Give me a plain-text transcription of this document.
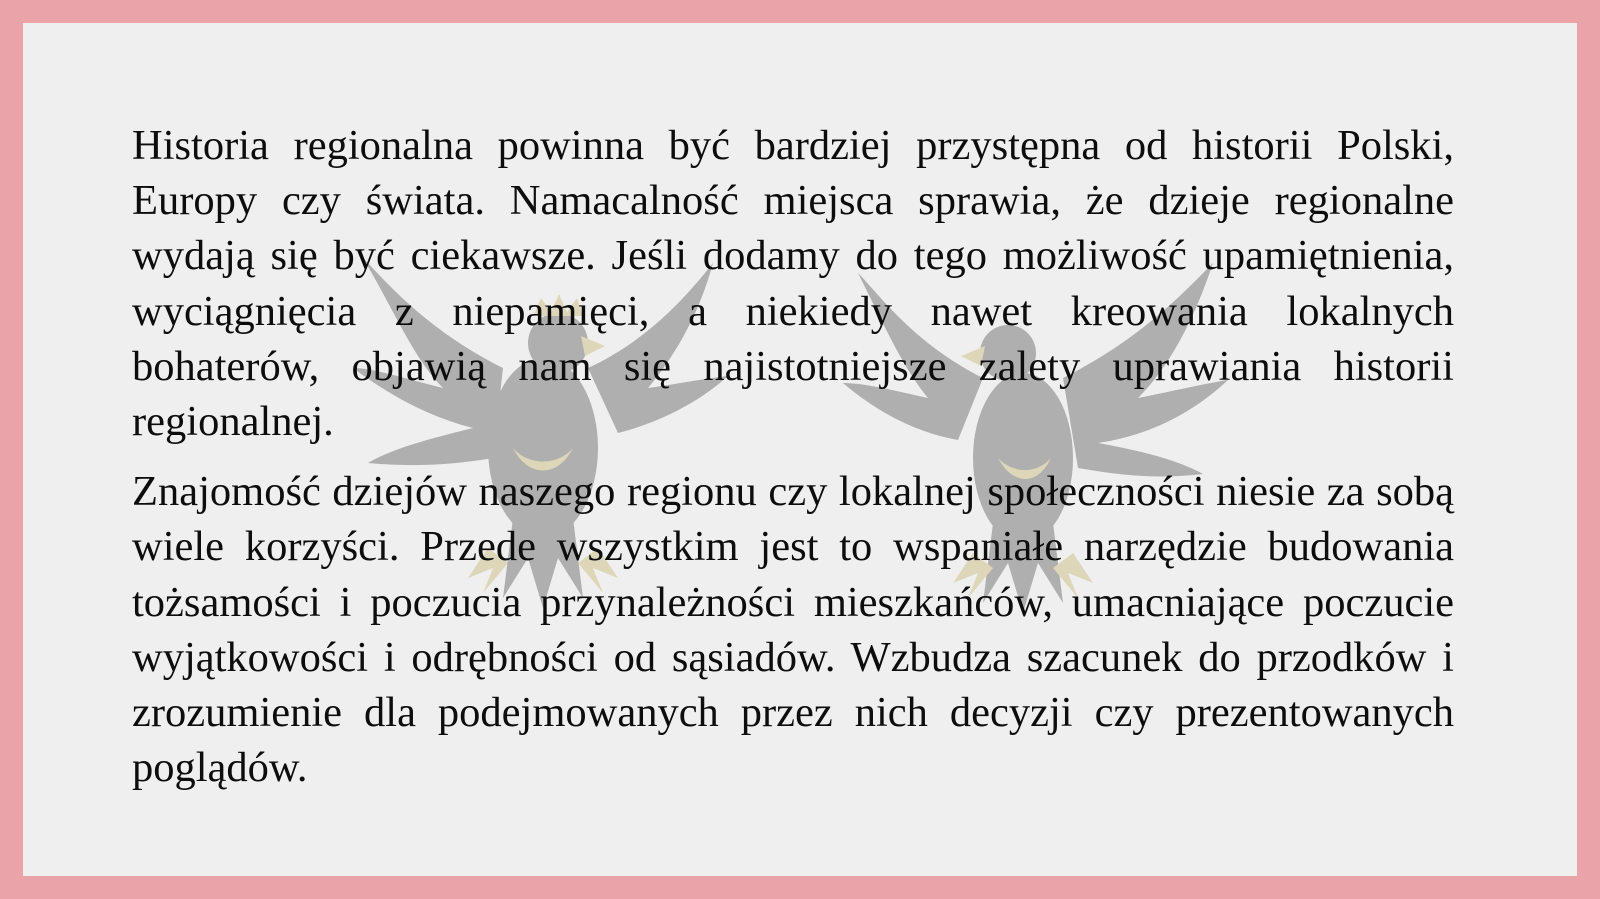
Historia regionalna powinna być bardziej przystępna od historii Polski, Europy czy świata. Namacalność miejsca sprawia, że dzieje regionalne wydają się być ciekawsze. Jeśli dodamy do tego możliwość upamiętnienia, wyciągnięcia z niepamięci, a niekiedy nawet kreowania lokalnych bohaterów, objawią nam się najistotniejsze zalety uprawiania historii regionalnej.

Znajomość dziejów naszego regionu czy lokalnej społeczności niesie za sobą wiele korzyści. Przede wszystkim jest to wspaniałe narzędzie budowania tożsamości i poczucia przynależności mieszkańców, umacniające poczucie wyjątkowości i odrębności od sąsiadów. Wzbudza szacunek do przodków i zrozumienie dla podejmowanych przez nich decyzji czy prezentowanych poglądów.
